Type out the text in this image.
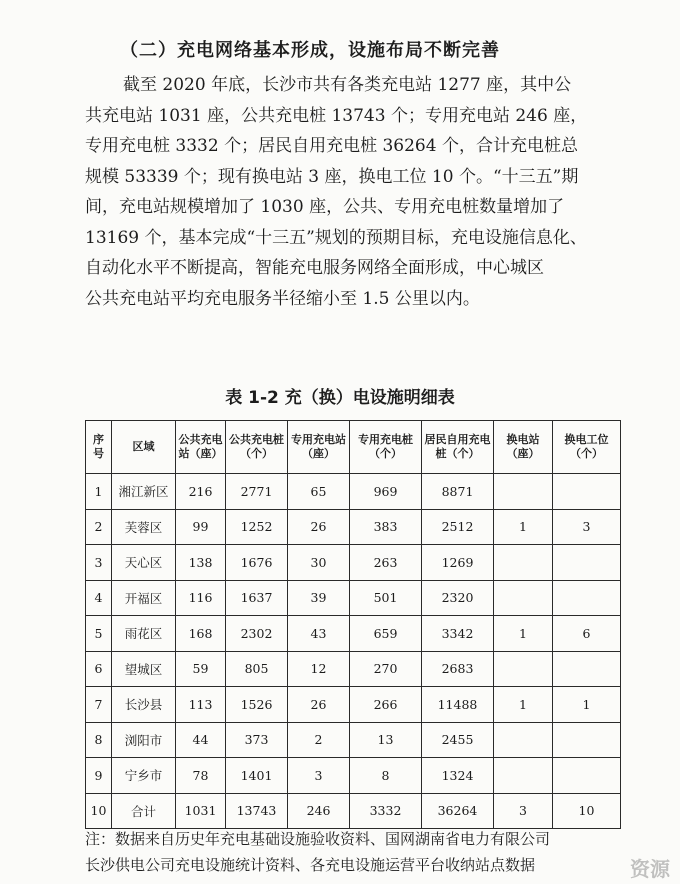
（二）充电网络基本形成，设施布局不断完善
截至 2020 年底，长沙市共有各类充电站 1277 座，其中公
共充电站 1031 座，公共充电桩 13743 个；专用充电站 246 座，
专用充电桩 3332 个；居民自用充电桩 36264 个，合计充电桩总
规模 53339 个；现有换电站 3 座，换电工位 10 个。“十三五”期
间，充电站规模增加了 1030 座，公共、专用充电桩数量增加了
13169 个，基本完成“十三五”规划的预期目标，充电设施信息化、
自动化水平不断提高，智能充电服务网络全面形成，中心城区
公共充电站平均充电服务半径缩小至 1.5 公里以内。
表 1-2 充（换）电设施明细表
序号	区域	公共充电站（座）	公共充电桩（个）	专用充电站（座）	专用充电桩（个）	居民自用充电桩（个）	换电站（座）	换电工位（个）
1	湘江新区	216	2771	65	969	8871		
2	芙蓉区	99	1252	26	383	2512	1	3
3	天心区	138	1676	30	263	1269		
4	开福区	116	1637	39	501	2320		
5	雨花区	168	2302	43	659	3342	1	6
6	望城区	59	805	12	270	2683		
7	长沙县	113	1526	26	266	11488	1	1
8	浏阳市	44	373	2	13	2455		
9	宁乡市	78	1401	3	8	1324		
10	合计	1031	13743	246	3332	36264	3	10
注：数据来自历史年充电基础设施验收资料、国网湖南省电力有限公司
长沙供电公司充电设施统计资料、各充电设施运营平台收纳站点数据	资源
